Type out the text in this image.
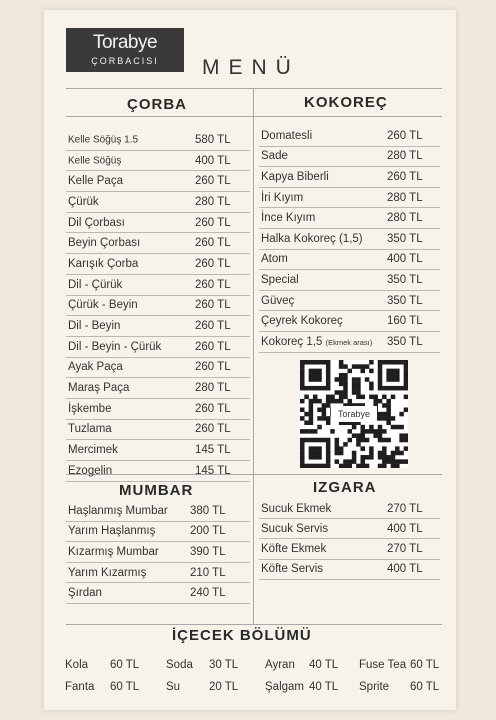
Torabye
ÇORBACISI	MENÜ
ÇORBA
Kelle Söğüş 1.5	580 TL
Kelle Söğüş	400 TL
Kelle Paça	260 TL
Çürük	280 TL
Dil Çorbası	260 TL
Beyin Çorbası	260 TL
Karışık Çorba	260 TL
Dil - Çürük	260 TL
Çürük - Beyin	260 TL
Dil - Beyin	260 TL
Dil - Beyin - Çürük	260 TL
Ayak Paça	260 TL
Maraş Paça	280 TL
İşkembe	260 TL
Tuzlama	260 TL
Mercimek	145 TL
Ezogelin	145 TL
KOKOREÇ
Domatesli	260 TL
Sade	280 TL
Kapya Biberli	260 TL
İri Kıyım	280 TL
İnce Kıyım	280 TL
Halka Kokoreç (1,5) 350 TL
Atom	400 TL
Special	350 TL
Güveç	350 TL
Çeyrek Kokoreç	160 TL
Kokoreç 1,5 (Ekmek arası) 350 TL
Torabye
MUMBAR
Haşlanmış Mumbar 380 TL
Yarım Haşlanmış	200 TL
Kızarmış Mumbar	390 TL
Yarım Kızarmış	210 TL
Şırdan	240 TL
IZGARA
Sucuk Ekmek	270 TL
Sucuk Servis	400 TL
Köfte Ekmek	270 TL
Köfte Servis	400 TL
İÇECEK BÖLÜMÜ
Kola 60 TL Soda 30 TL Ayran 40 TL Fuse Tea 60 TL
Fanta 60 TL Su	20 TL Şalgam 40 TL Sprite 60 TL
